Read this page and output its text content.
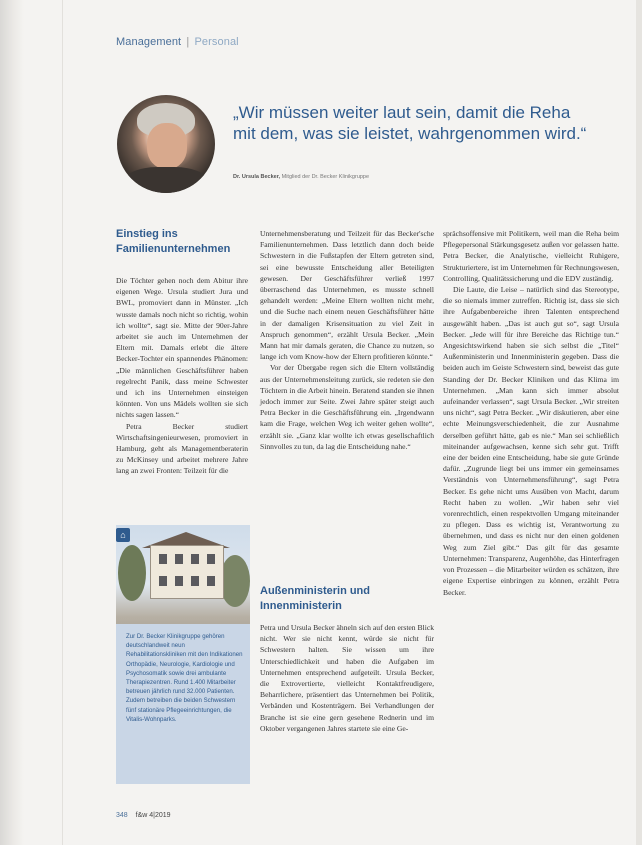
Management | Personal
„Wir müssen weiter laut sein, damit die Reha mit dem, was sie leistet, wahrgenommen wird.“
Dr. Ursula Becker, Mitglied der Dr. Becker Klinikgruppe
Einstieg ins Familienunternehmen

Die Töchter gehen noch dem Abitur ihre eigenen Wege. Ursula studiert Jura und BWL, promoviert dann in Münster. „Ich wusste damals noch nicht so richtig, wohin ich wollte“, sagt sie. Mitte der 90er-Jahre arbeitet sie auch im Unternehmen der Eltern mit. Damals erlebt die ältere Becker-Tochter ein spannendes Phänomen: „Die männlichen Geschäftsführer haben regelrecht Panik, dass meine Schwester und ich ins Unternehmen einsteigen könnten. Von uns Mädels wollten sie sich nichts sagen lassen.“

Petra Becker studiert Wirtschaftsingenieurwesen, promoviert in Hamburg, geht als Managementberaterin zu McKinsey und arbeitet mehrere Jahre lang an zwei Fronten: Teilzeit für die

⌂
Zur Dr. Becker Klinikgruppe gehören deutschlandweit neun Rehabilitationskliniken mit den Indikationen Orthopädie, Neurologie, Kardiologie und Psychosomatik sowie drei ambulante Therapiezentren. Rund 1.400 Mitarbeiter betreuen jährlich rund 32.000 Patienten. Zudem betreiben die beiden Schwestern fünf stationäre Pflegeeinrichtungen, die Vitalis-Wohnparks.

Unternehmensberatung und Teilzeit für das Becker'sche Familienunternehmen. Dass letztlich dann doch beide Schwestern in die Fußstapfen der Eltern getreten sind, sei eine bewusste Entscheidung aller Beteiligten gewesen. Der Geschäftsführer verließ 1997 überraschend das Unternehmen, es musste schnell gehandelt werden: „Meine Eltern wollten nicht mehr, und die Suche nach einem neuen Geschäftsführer hätte in der damaligen Krisensituation zu viel Zeit in Anspruch genommen“, erzählt Ursula Becker. „Mein Mann hat mir damals geraten, die Chance zu nutzen, so lange ich vom Know-how der Eltern profitieren könnte.“

Vor der Übergabe regen sich die Eltern vollständig aus der Unternehmensleitung zurück, sie redeten sie den Töchtern in die Arbeit hinein. Beratend standen sie ihnen jedoch immer zur Seite. Zwei Jahre später steigt auch Petra Becker in die Geschäftsführung ein. „Irgendwann kam die Frage, welchen Weg ich weiter gehen wollte“, erzählt sie. „Ganz klar wollte ich etwas gesellschaftlich Sinnvolles zu tun, da lag die Entscheidung nahe.“

Außenministerin und Innenministerin

Petra und Ursula Becker ähneln sich auf den ersten Blick nicht. Wer sie nicht kennt, würde sie nicht für Schwestern halten. Sie wissen um ihre Unterschiedlichkeit und haben die Aufgaben im Unternehmen entsprechend aufgeteilt. Ursula Becker, die Extrovertierte, vielleicht Kontaktfreudigere, Beharrlichere, präsentiert das Unternehmen bei Politik, Verbänden und Kostenträgern. Bei Verhandlungen der Branche ist sie eine gern gesehene Rednerin und im Oktober vergangenen Jahres startete sie eine Ge-

sprächsoffensive mit Politikern, weil man die Reha beim Pflegepersonal Stärkungsgesetz außen vor gelassen hatte. Petra Becker, die Analytische, vielleicht Ruhigere, Strukturiertere, ist im Unternehmen für Rechnungswesen, Controlling, Qualitätssicherung und die EDV zuständig.

Die Laute, die Leise – natürlich sind das Stereotype, die so niemals immer zutreffen. Richtig ist, dass sie sich ihre Aufgabenbereiche ihren Talenten entsprechend ausgewählt haben. „Das ist auch gut so“, sagt Ursula Becker. „Jede will für ihre Bereiche das Richtige tun.“ Angesichtswirkend haben sie sich selbst die „Titel“ Außenministerin und Innenministerin gegeben. Dass die beiden auch im Geiste Schwestern sind, beweist das gute Standing der Dr. Becker Kliniken und das Klima im Unternehmen. „Man kann sich immer absolut aufeinander verlassen“, sagt Ursula Becker. „Wir streiten uns nicht“, sagt Petra Becker. „Wir diskutieren, aber eine echte Meinungsverschiedenheit, die zur Ausnahme derselben geführt hätte, gab es nie.“ Man sei schließlich miteinander aufgewachsen, kenne sich sehr gut. Trifft eine der beiden eine Entscheidung, habe sie gute Gründe dafür. „Zugrunde liegt bei uns immer ein gemeinsames Verständnis von Unternehmensführung“, sagt Petra Becker. Es gehe nicht ums Ausüben von Macht, darum Recht haben zu wollen. „Wir haben sehr viel vorenrechtlich, einen respektvollen Umgang miteinander zu pflegen. Dass es wichtig ist, Verantwortung zu übernehmen, und dass es nicht nur den einen goldenen Weg zum Ziel gibt.“ Das gilt für das gesamte Unternehmen: Transparenz, Augenhöhe, das Hinterfragen von Prozessen – die Mitarbeiter würden es schätzen, ihre eigene Expertise einbringen zu können, erzählt Petra Becker.

348 f&w 4|2019
